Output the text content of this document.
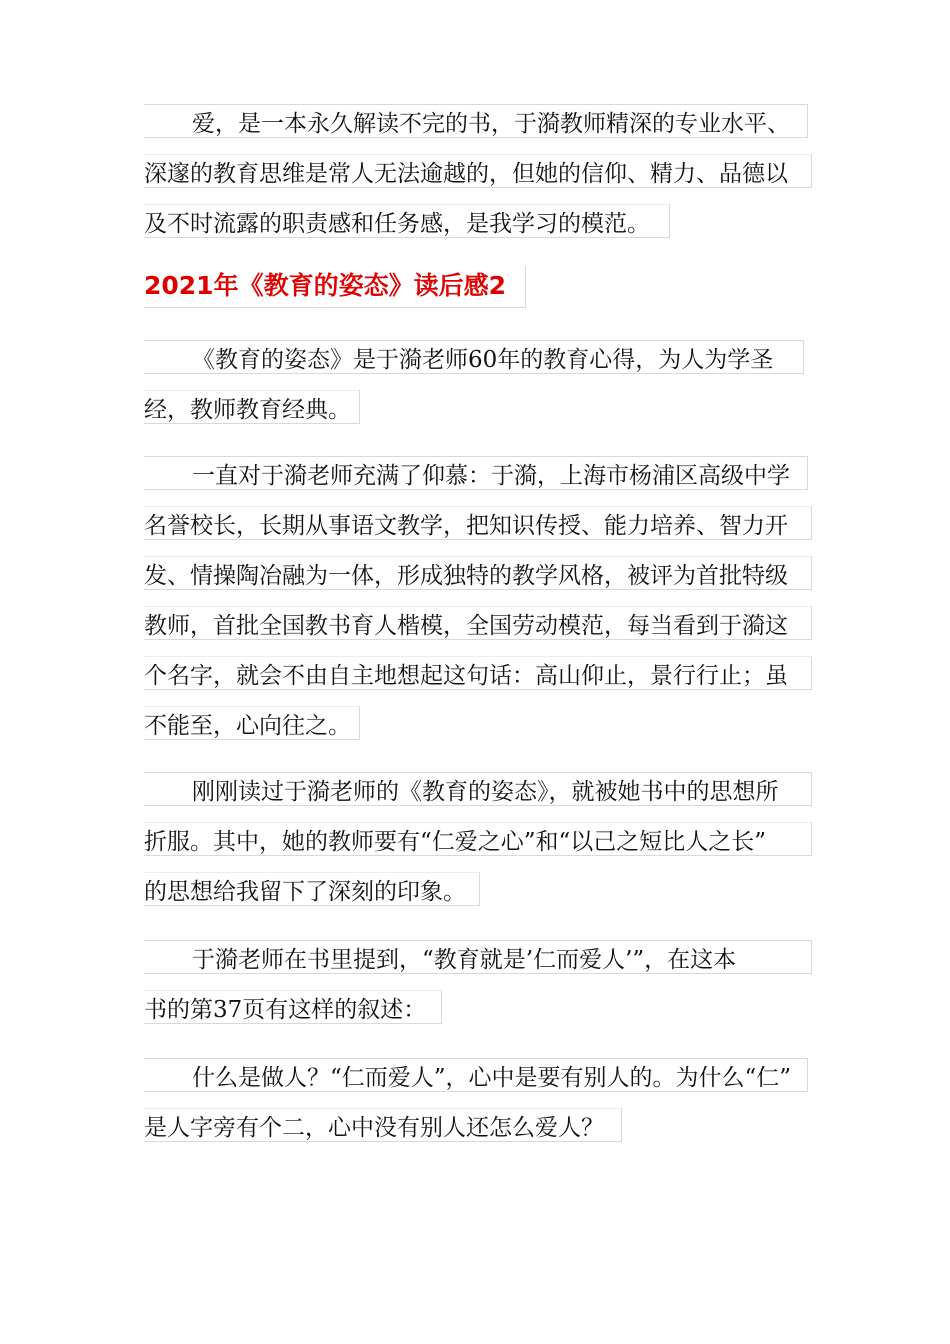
爱，是一本永久解读不完的书，于漪教师精深的专业水平、
深邃的教育思维是常人无法逾越的，但她的信仰、精力、品德以
及不时流露的职责感和任务感，是我学习的模范。
2021年《教育的姿态》读后感2
《教育的姿态》是于漪老师60年的教育心得，为人为学圣
经，教师教育经典。
一直对于漪老师充满了仰慕：于漪，上海市杨浦区高级中学
名誉校长，长期从事语文教学，把知识传授、能力培养、智力开
发、情操陶冶融为一体，形成独特的教学风格，被评为首批特级
教师，首批全国教书育人楷模，全国劳动模范，每当看到于漪这
个名字，就会不由自主地想起这句话：高山仰止，景行行止；虽
不能至，心向往之。
刚刚读过于漪老师的《教育的姿态》，就被她书中的思想所
折服。其中，她的教师要有“仁爱之心”和“以己之短比人之长”
的思想给我留下了深刻的印象。
于漪老师在书里提到，“教育就是’仁而爱人’”，在这本
书的第37页有这样的叙述：
什么是做人？“仁而爱人”，心中是要有别人的。为什么“仁”
是人字旁有个二，心中没有别人还怎么爱人？
